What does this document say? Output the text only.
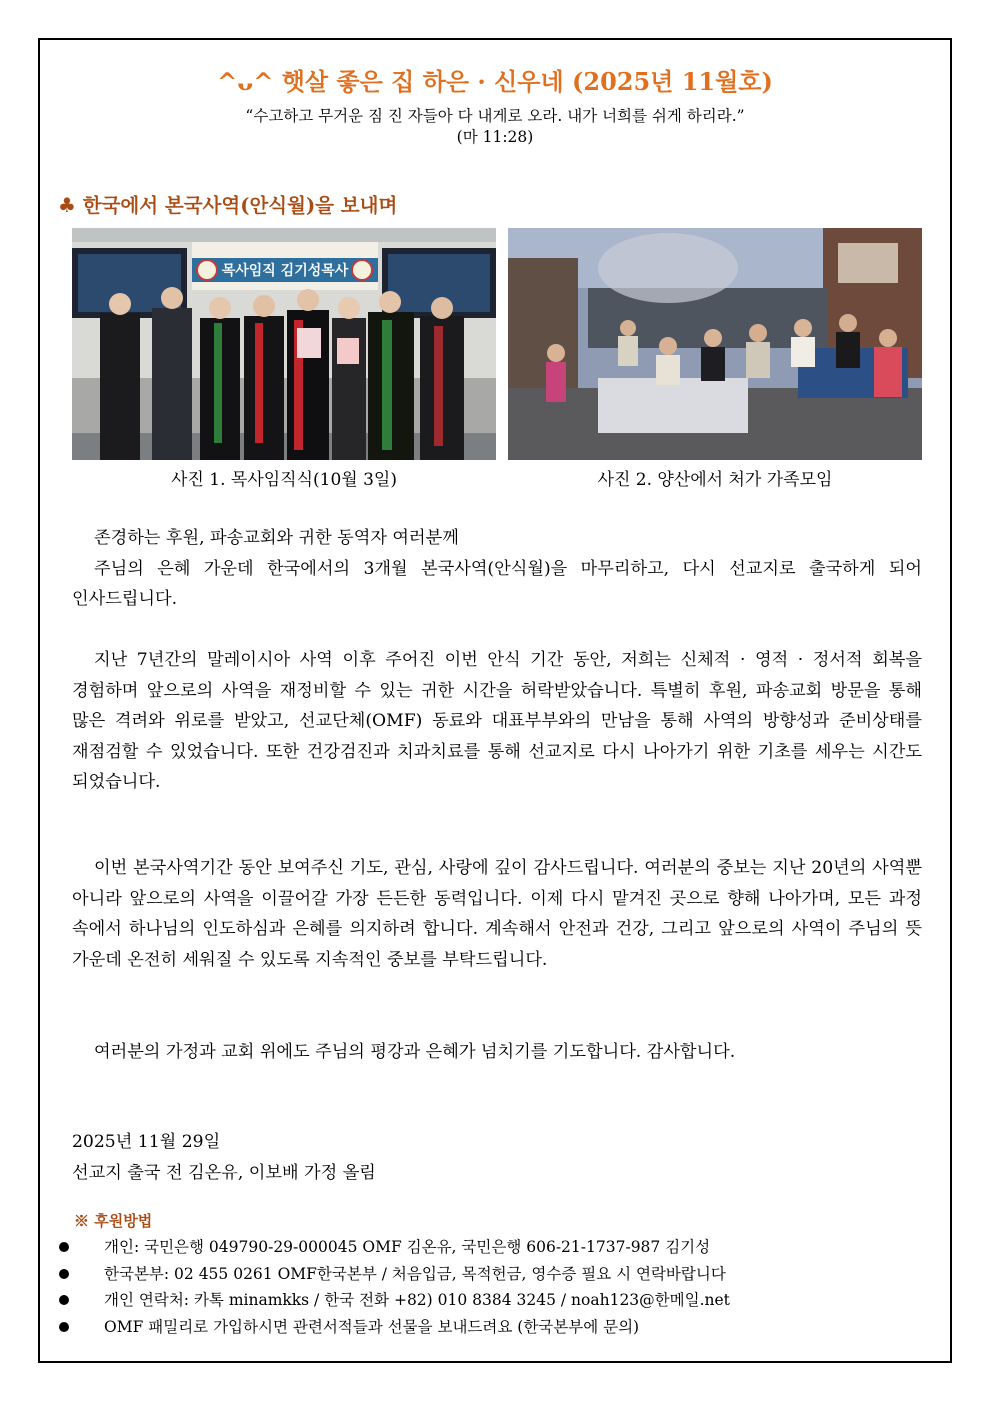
^ᴗ^ 햇살 좋은 집 하은 · 신우네 (2025년 11월호)
“수고하고 무거운 짐 진 자들아 다 내게로 오라. 내가 너희를 쉬게 하리라.”
(마 11:28)
♣ 한국에서 본국사역(안식월)을 보내며
목사임직 김기성목사
사진 1. 목사임직식(10월 3일)	사진 2. 양산에서 처가 가족모임

존경하는 후원, 파송교회와 귀한 동역자 여러분께

주님의 은혜 가운데 한국에서의 3개월 본국사역(안식월)을 마무리하고, 다시 선교지로 출국하게 되어 인사드립니다.

지난 7년간의 말레이시아 사역 이후 주어진 이번 안식 기간 동안, 저희는 신체적 · 영적 · 정서적 회복을 경험하며 앞으로의 사역을 재정비할 수 있는 귀한 시간을 허락받았습니다. 특별히 후원, 파송교회 방문을 통해 많은 격려와 위로를 받았고, 선교단체(OMF) 동료와 대표부부와의 만남을 통해 사역의 방향성과 준비상태를 재점검할 수 있었습니다. 또한 건강검진과 치과치료를 통해 선교지로 다시 나아가기 위한 기초를 세우는 시간도 되었습니다.

이번 본국사역기간 동안 보여주신 기도, 관심, 사랑에 깊이 감사드립니다. 여러분의 중보는 지난 20년의 사역뿐 아니라 앞으로의 사역을 이끌어갈 가장 든든한 동력입니다. 이제 다시 맡겨진 곳으로 향해 나아가며, 모든 과정 속에서 하나님의 인도하심과 은혜를 의지하려 합니다. 계속해서 안전과 건강, 그리고 앞으로의 사역이 주님의 뜻 가운데 온전히 세워질 수 있도록 지속적인 중보를 부탁드립니다.

여러분의 가정과 교회 위에도 주님의 평강과 은혜가 넘치기를 기도합니다. 감사합니다.

2025년 11월 29일
선교지 출국 전 김온유, 이보배 가정 올림
※ 후원방법
개인: 국민은행 049790-29-000045 OMF 김온유, 국민은행 606-21-1737-987 김기성
한국본부: 02 455 0261 OMF한국본부 / 처음입금, 목적헌금, 영수증 필요 시 연락바랍니다
개인 연락처: 카톡 minamkks / 한국 전화 +82) 010 8384 3245 / noah123@한메일.net
OMF 패밀리로 가입하시면 관련서적들과 선물을 보내드려요 (한국본부에 문의)
